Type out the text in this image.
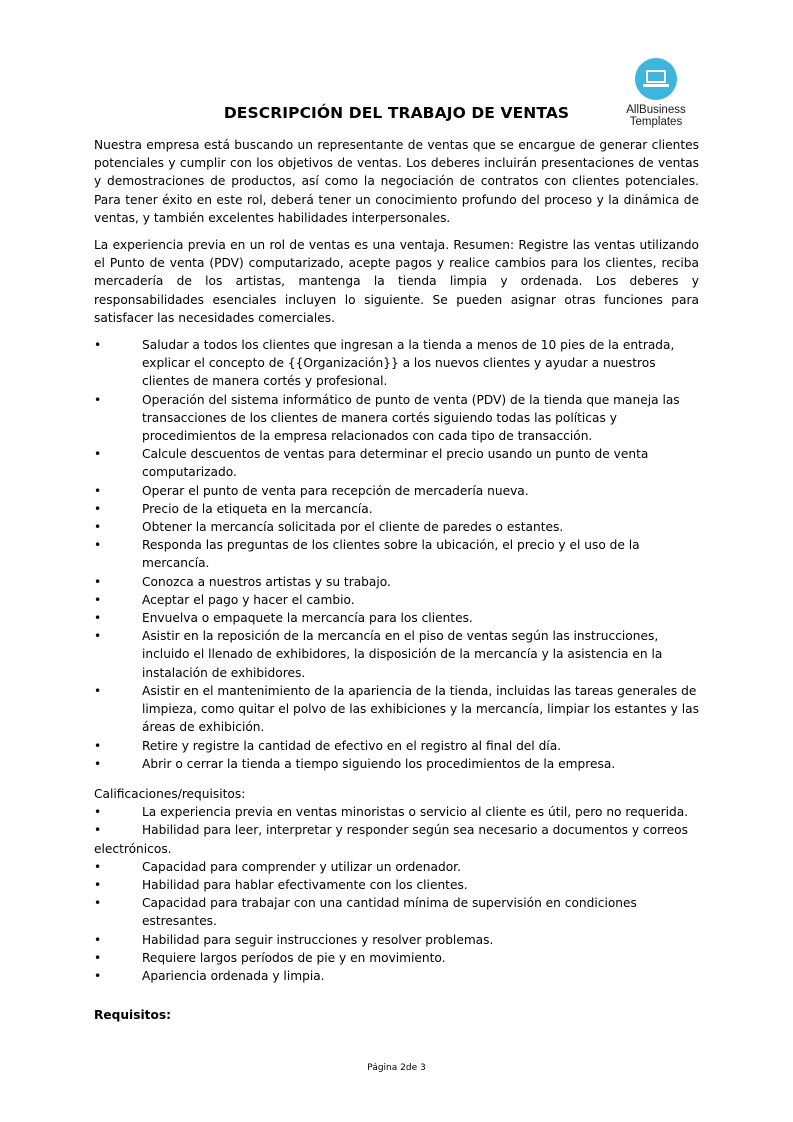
AllBusiness
Templates
DESCRIPCIÓN DEL TRABAJO DE VENTAS

Nuestra empresa está buscando un representante de ventas que se encargue de generar clientes potenciales y cumplir con los objetivos de ventas. Los deberes incluirán presentaciones de ventas y demostraciones de productos, así como la negociación de contratos con clientes potenciales. Para tener éxito en este rol, deberá tener un conocimiento profundo del proceso y la dinámica de ventas, y también excelentes habilidades interpersonales.

La experiencia previa en un rol de ventas es una ventaja. Resumen: Registre las ventas utilizando el Punto de venta (PDV) computarizado, acepte pagos y realice cambios para los clientes, reciba mercadería de los artistas, mantenga la tienda limpia y ordenada. Los deberes y responsabilidades esenciales incluyen lo siguiente. Se pueden asignar otras funciones para satisfacer las necesidades comerciales.

•	Saludar a todos los clientes que ingresan a la tienda a menos de 10 pies de la entrada, explicar el concepto de {{Organización}} a los nuevos clientes y ayudar a nuestros clientes de manera cortés y profesional.
•	Operación del sistema informático de punto de venta (PDV) de la tienda que maneja las transacciones de los clientes de manera cortés siguiendo todas las políticas y procedimientos de la empresa relacionados con cada tipo de transacción.
•	Calcule descuentos de ventas para determinar el precio usando un punto de venta computarizado.
•	Operar el punto de venta para recepción de mercadería nueva.
•	Precio de la etiqueta en la mercancía.
•	Obtener la mercancía solicitada por el cliente de paredes o estantes.
•	Responda las preguntas de los clientes sobre la ubicación, el precio y el uso de la mercancía.
•	Conozca a nuestros artistas y su trabajo.
•	Aceptar el pago y hacer el cambio.
•	Envuelva o empaquete la mercancía para los clientes.
•	Asistir en la reposición de la mercancía en el piso de ventas según las instrucciones, incluido el llenado de exhibidores, la disposición de la mercancía y la asistencia en la instalación de exhibidores.
•	Asistir en el mantenimiento de la apariencia de la tienda, incluidas las tareas generales de limpieza, como quitar el polvo de las exhibiciones y la mercancía, limpiar los estantes y las áreas de exhibición.
•	Retire y registre la cantidad de efectivo en el registro al final del día.
•	Abrir o cerrar la tienda a tiempo siguiendo los procedimientos de la empresa.
Calificaciones/requisitos:
•	La experiencia previa en ventas minoristas o servicio al cliente es útil, pero no requerida.
•	Habilidad para leer, interpretar y responder según sea necesario a documentos y correos
electrónicos.
•	Capacidad para comprender y utilizar un ordenador.
•	Habilidad para hablar efectivamente con los clientes.
•	Capacidad para trabajar con una cantidad mínima de supervisión en condiciones estresantes.
•	Habilidad para seguir instrucciones y resolver problemas.
•	Requiere largos períodos de pie y en movimiento.
•	Apariencia ordenada y limpia.
Requisitos:
Página 2de 3
